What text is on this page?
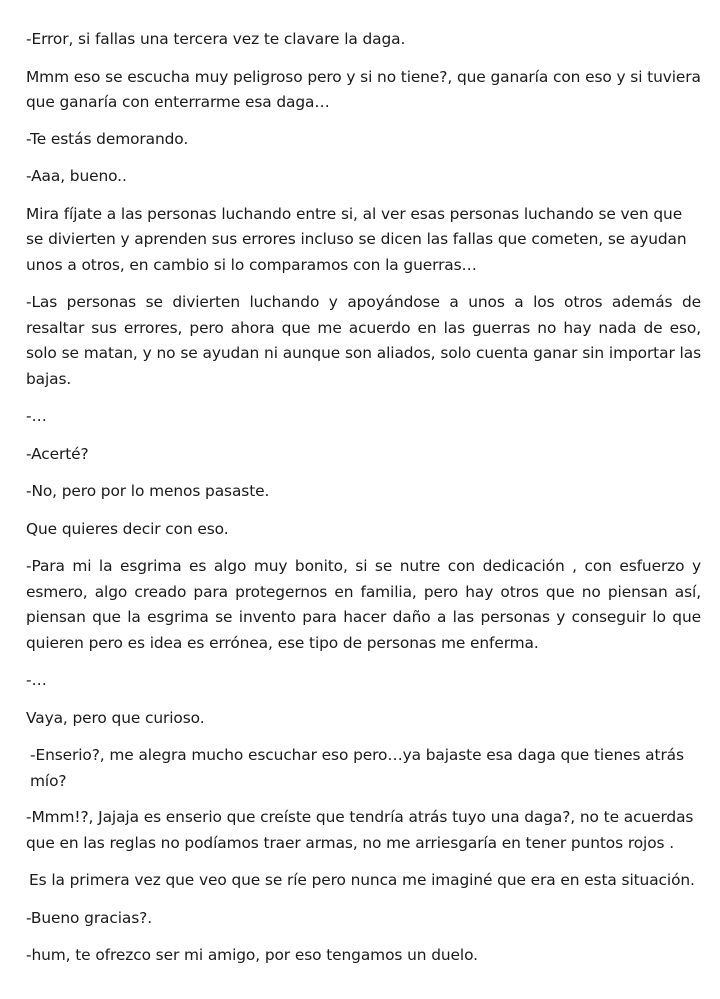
-Error, si fallas una tercera vez te clavare la daga.

Mmm eso se escucha muy peligroso pero y si no tiene?, que ganaría con eso y si tuviera que ganaría con enterrarme esa daga…

-Te estás demorando.

-Aaa, bueno..

Mira fíjate a las personas luchando entre si, al ver esas personas luchando se ven que se divierten y aprenden sus errores incluso se dicen las fallas que cometen, se ayudan unos a otros, en cambio si lo comparamos con la guerras…

-Las personas se divierten luchando y apoyándose a unos a los otros además de resaltar sus errores, pero ahora que me acuerdo en las guerras no hay nada de eso, solo se matan, y no se ayudan ni aunque son aliados, solo cuenta ganar sin importar las bajas.

-…

-Acerté?

-No, pero por lo menos pasaste.

Que quieres decir con eso.

-Para mi la esgrima es algo muy bonito, si se nutre con dedicación , con esfuerzo y esmero, algo creado para protegernos en familia, pero hay otros que no piensan así, piensan que la esgrima se invento para hacer daño a las personas y conseguir lo que quieren pero es idea es errónea, ese tipo de personas me enferma.

-…

Vaya, pero que curioso.

-Enserio?, me alegra mucho escuchar eso pero…ya bajaste esa daga que tienes atrás mío?

-Mmm!?, Jajaja es enserio que creíste que tendría atrás tuyo una daga?, no te acuerdas que en las reglas no podíamos traer armas, no me arriesgaría en tener puntos rojos .

Es la primera vez que veo que se ríe pero nunca me imaginé que era en esta situación.

-Bueno gracias?.

-hum, te ofrezco ser mi amigo, por eso tengamos un duelo.
